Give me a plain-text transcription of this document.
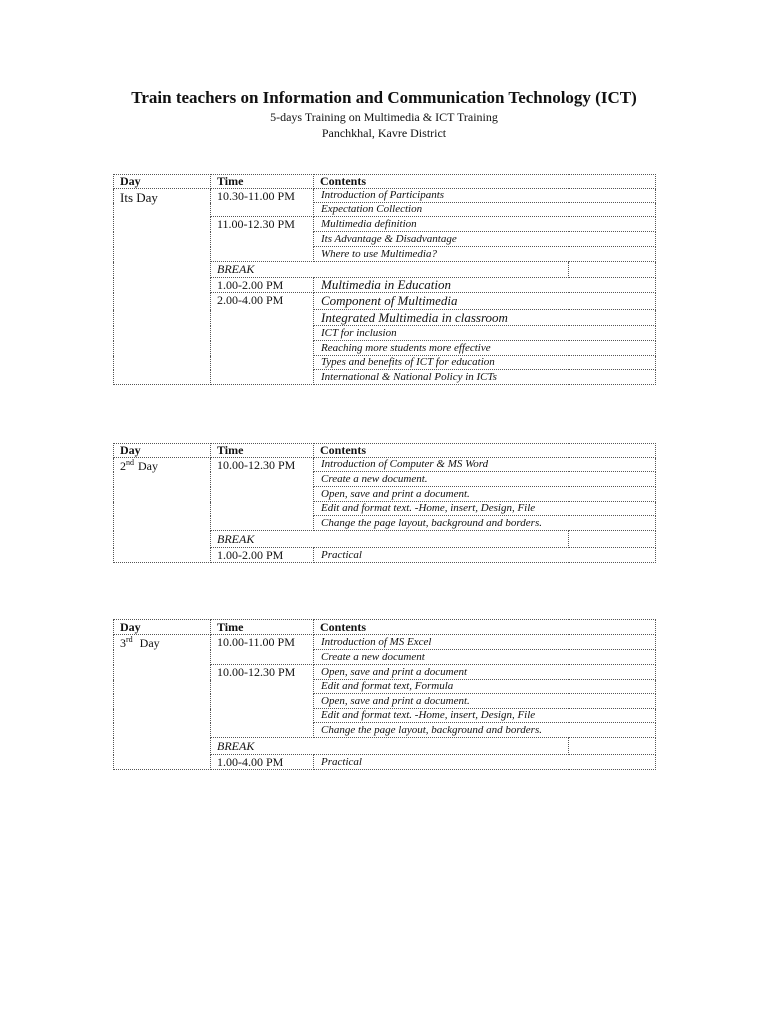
Train teachers on Information and Communication Technology (ICT)
5-days Training on Multimedia & ICT Training
Panchkhal, Kavre District
Day	Time	Contents	
Its Day	10.30-11.00 PM	Introduction of Participants	
		Expectation Collection	
	11.00-12.30 PM	Multimedia definition	
		Its Advantage & Disadvantage	
		Where to use Multimedia?	
	BREAK		
	1.00-2.00 PM	Multimedia in Education	
	2.00-4.00 PM	Component of Multimedia	
		Integrated Multimedia in classroom	
		ICT for inclusion	
		Reaching more students more effective	
		Types and benefits of ICT for education	
		International & National Policy in ICTs	
Day	Time	Contents	
2nd Day	10.00-12.30 PM	Introduction of Computer & MS Word	
		Create a new document.	
		Open, save and print a document.	
		Edit and format text. -Home, insert, Design, File	
		Change the page layout, background and borders.	
	BREAK		
	1.00-2.00 PM	Practical	
Day	Time	Contents	
3rd Day	10.00-11.00 PM	Introduction of MS Excel	
		Create a new document	
	10.00-12.30 PM	Open, save and print a document	
		Edit and format text, Formula	
		Open, save and print a document.	
		Edit and format text. -Home, insert, Design, File	
		Change the page layout, background and borders.	
	BREAK		
	1.00-4.00 PM	Practical	
